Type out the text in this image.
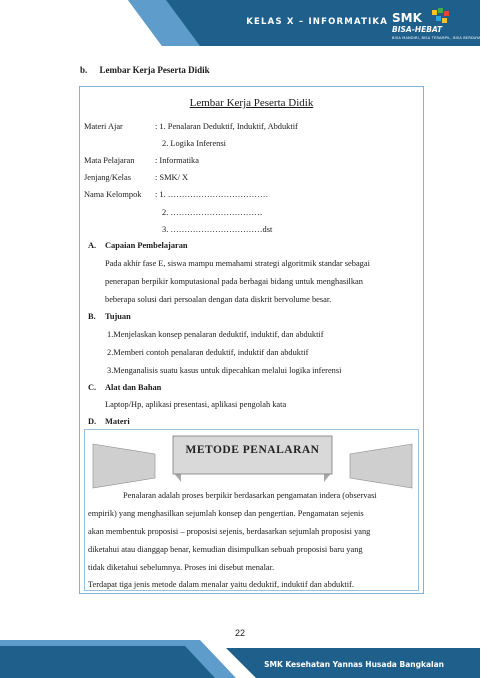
KELAS X – INFORMATIKA SMK
BISA-HEBAT
BISA MANDIRI, BISA TERAMPIL, BISA BERDAYA SAING
b. Lembar Kerja Peserta Didik
Lembar Kerja Peserta Didik
Materi Ajar	: 1. Penalaran Deduktif, Induktif, Abduktif
2. Logika Inferensi
Mata Pelajaran : Informatika
Jenjang/Kelas	: SMK/ X
Nama Kelompok : 1. ………………………………
2. ……………………………
3. ……………………………dst
A. Capaian Pembelajaran
Pada akhir fase E, siswa mampu memahami strategi algoritmik standar sebagai
penerapan berpikir komputasional pada berbagai bidang untuk menghasilkan
beberapa solusi dari persoalan dengan data diskrit bervolume besar.
B. Tujuan
1.Menjelaskan konsep penalaran deduktif, induktif, dan abduktif
2.Memberi contoh penalaran deduktif, induktif dan abduktif
3.Menganalisis suatu kasus untuk dipecahkan melalui logika inferensi
C. Alat dan Bahan
Laptop/Hp, aplikasi presentasi, aplikasi pengolah kata
D. Materi
METODE PENALARAN
Penalaran adalah proses berpikir berdasarkan pengamatan indera (observasi
empirik) yang menghasilkan sejumlah konsep dan pengertian. Pengamatan sejenis
akan membentuk proposisi – proposisi sejenis, berdasarkan sejumlah proposisi yang
diketahui atau dianggap benar, kemudian disimpulkan sebuah proposisi baru yang
tidak diketahui sebelumnya. Proses ini disebut menalar.
Terdapat tiga jenis metode dalam menalar yaitu deduktif, induktif dan abduktif.
22
SMK Kesehatan Yannas Husada Bangkalan
